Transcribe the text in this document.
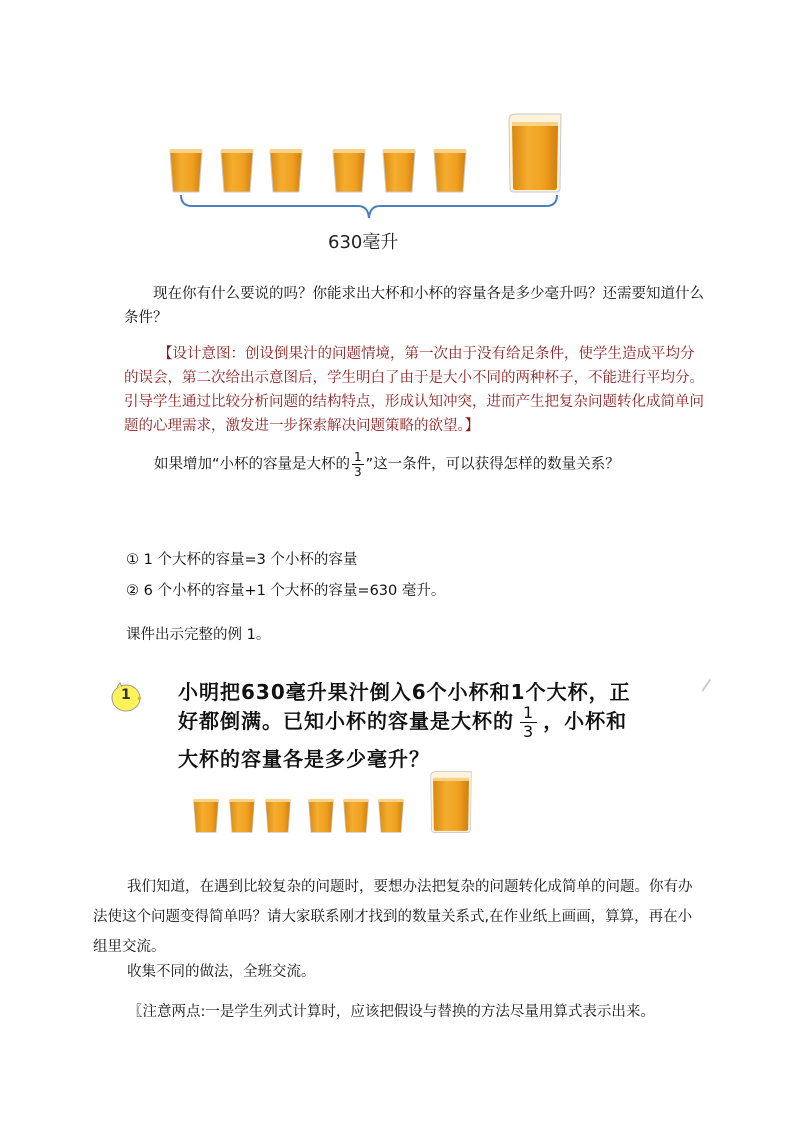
630毫升
现在你有什么要说的吗？你能求出大杯和小杯的容量各是多少毫升吗？还需要知道什么条件？
【设计意图：创设倒果汁的问题情境，第一次由于没有给足条件，使学生造成平均分的误会，第二次给出示意图后，学生明白了由于是大小不同的两种杯子，不能进行平均分。引导学生通过比较分析问题的结构特点，形成认知冲突，进而产生把复杂问题转化成简单问题的心理需求，激发进一步探索解决问题策略的欲望。】
如果增加“小杯的容量是大杯的 $\frac{1}{3}$ ”这一条件，可以获得怎样的数量关系？
① 1 个大杯的容量=3 个小杯的容量
② 6 个小杯的容量+1 个大杯的容量=630 毫升。
课件出示完整的例 1。
1 小明把630毫升果汁倒入6个小杯和1个大杯，正
好都倒满。已知小杯的容量是大杯的 $\frac{1}{3}$ ，小杯和
大杯的容量各是多少毫升？
我们知道，在遇到比较复杂的问题时，要想办法把复杂的问题转化成简单的问题。你有办法使这个问题变得简单吗？请大家联系刚才找到的数量关系式,在作业纸上画画，算算，再在小组里交流。
收集不同的做法，全班交流。
〖注意两点:一是学生列式计算时，应该把假设与替换的方法尽量用算式表示出来。
